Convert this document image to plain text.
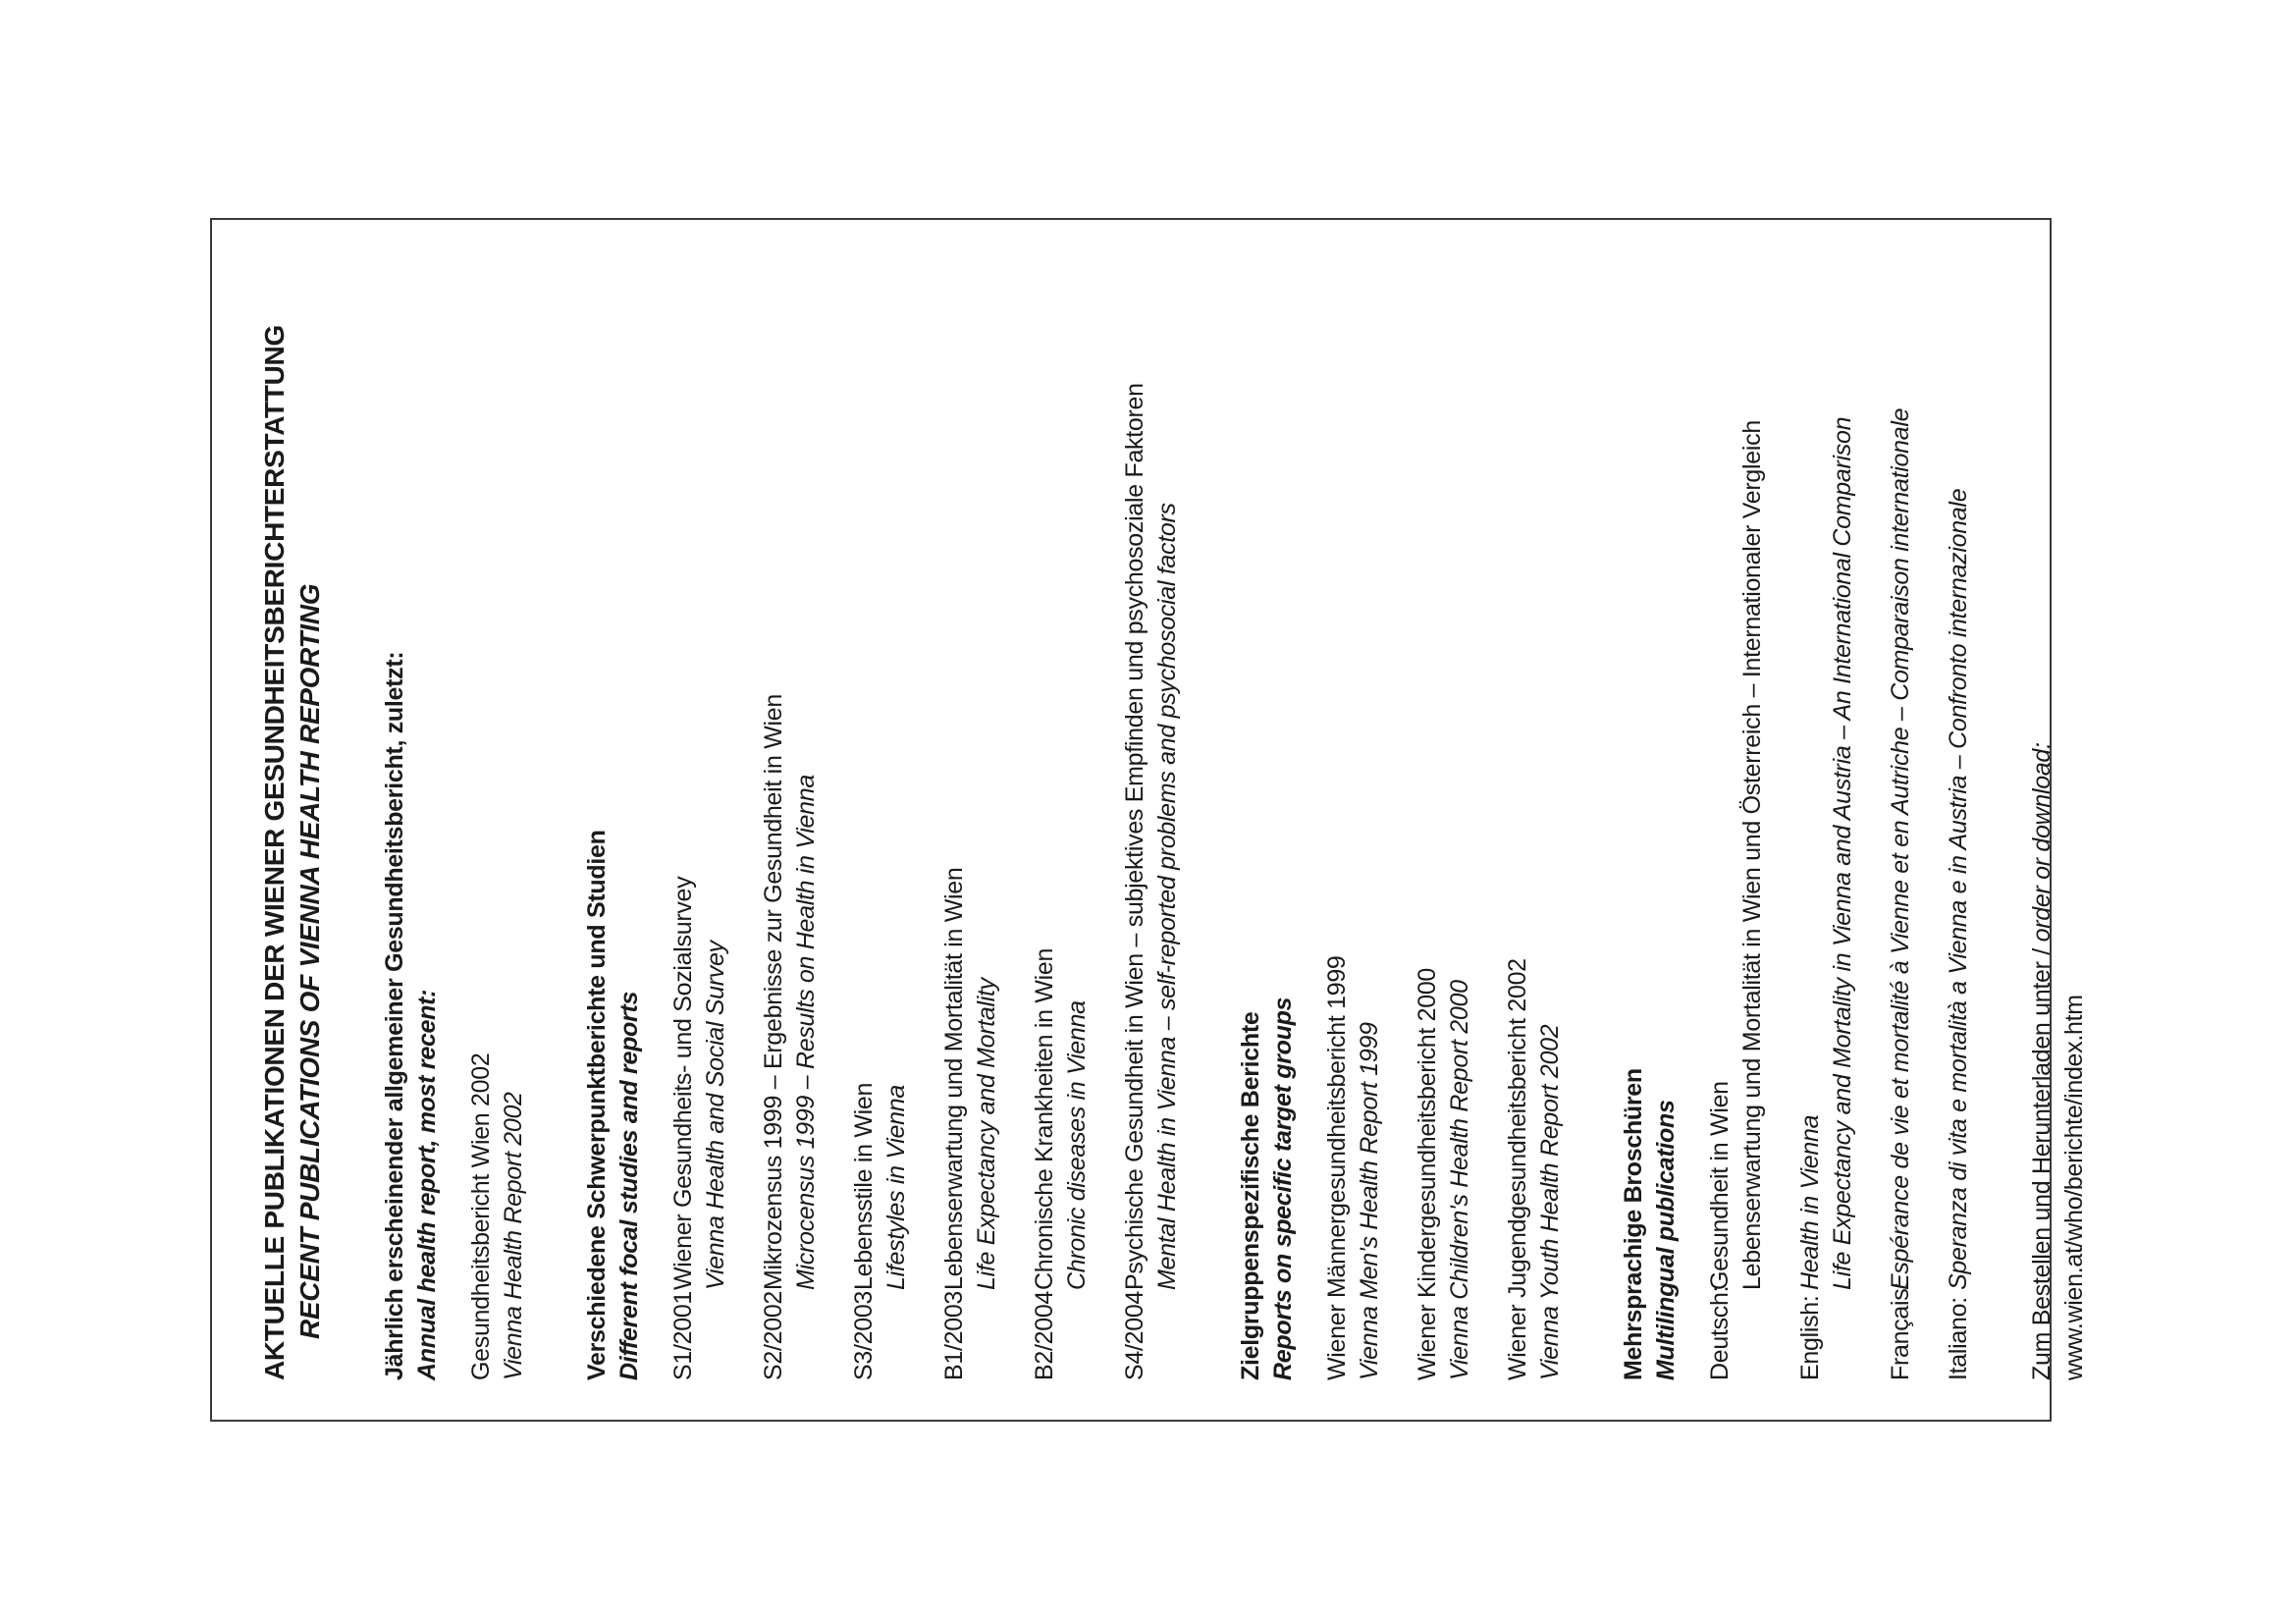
AKTUELLE PUBLIKATIONEN DER WIENER GESUNDHEITSBERICHTERSTATTUNG RECENT PUBLICATIONS OF VIENNA HEALTH REPORTING Jährlich erscheinender allgemeiner Gesundheitsbericht, zuletzt: Annual health report, most recent: Gesundheitsbericht Wien 2002 Vienna Health Report 2002 Verschiedene Schwerpunktberichte und Studien Different focal studies and reports S1/2001
Wiener Gesundheits- und Sozialsurvey Vienna Health and Social Survey
S2/2002
Mikrozensus 1999 – Ergebnisse zur Gesundheit in Wien Microcensus 1999 – Results on Health in Vienna
S3/2003
Lebensstile in Wien Lifestyles in Vienna
B1/2003
Lebenserwartung und Mortalität in Wien Life Expectancy and Mortality
B2/2004
Chronische Krankheiten in Wien Chronic diseases in Vienna
S4/2004
Psychische Gesundheit in Wien – subjektives Empfinden und psychosoziale Faktoren Mental Health in Vienna – self-reported problems and psychosocial factors Zielgruppenspezifische Berichte Reports on specific target groups Wiener Männergesundheitsbericht 1999 Vienna Men's Health Report 1999 Wiener Kindergesundheitsbericht 2000 Vienna Children's Health Report 2000 Wiener Jugendgesundheitsbericht 2002 Vienna Youth Health Report 2002 Mehrsprachige Broschüren Multilingual publications Deutsch:
Gesundheit in Wien Lebenserwartung und Mortalität in Wien und Österreich – Internationaler Vergleich
English:
Health in Vienna Life Expectancy and Mortality in Vienna and Austria – An International Comparison
Français:
Espérance de vie et mortalité à Vienne et en Autriche – Comparaison internationale
Italiano:
Speranza di vita e mortalità a Vienna e in Austria – Confronto internazionale Zum Bestellen und Herunterladen unter / order or download:
www.wien.at/who/berichte/index.htm
